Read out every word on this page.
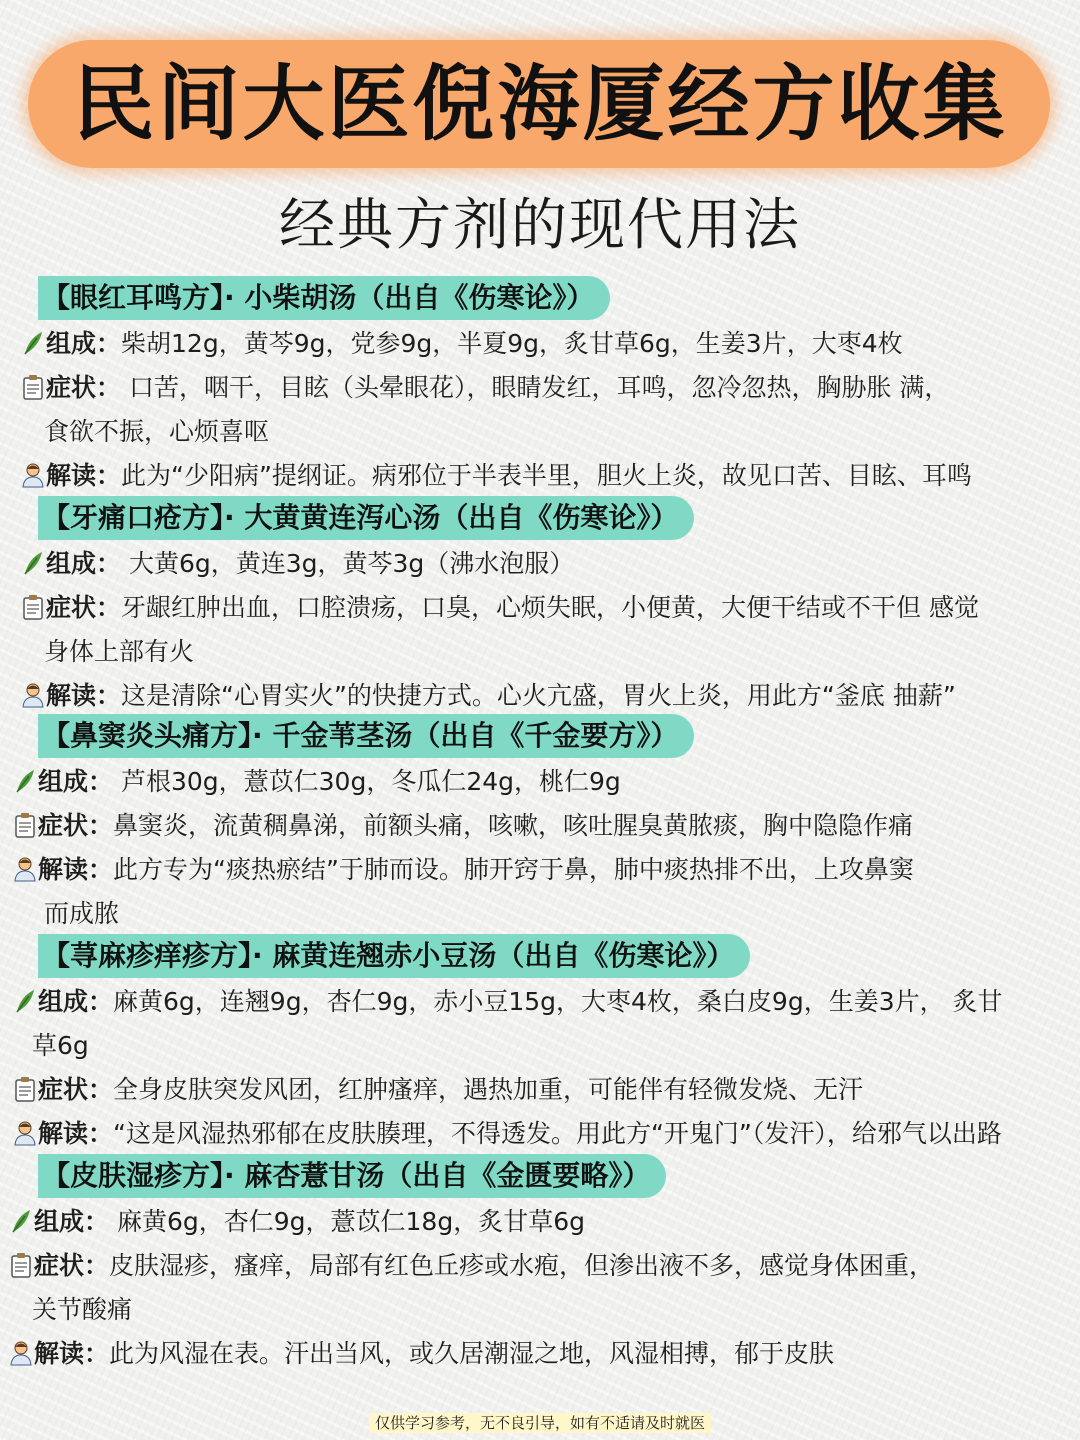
民间大医倪海厦经方收集
经典方剂的现代用法
【眼红耳鸣方】· 小柴胡汤（出自《伤寒论》）
组成：柴胡12g，黄芩9g，党参9g，半夏9g，炙甘草6g，生姜3片，大枣4枚
症状： 口苦，咽干，目眩（头晕眼花），眼睛发红，耳鸣，忽冷忽热，胸胁胀 满，
食欲不振，心烦喜呕
解读：此为“少阳病”提纲证。病邪位于半表半里，胆火上炎，故见口苦、目眩、耳鸣
【牙痛口疮方】· 大黄黄连泻心汤（出自《伤寒论》）
组成： 大黄6g，黄连3g，黄芩3g（沸水泡服）
症状：牙龈红肿出血，口腔溃疡，口臭，心烦失眠，小便黄，大便干结或不干但 感觉
身体上部有火
解读：这是清除“心胃实火”的快捷方式。心火亢盛，胃火上炎，用此方“釜底 抽薪”
【鼻窦炎头痛方】· 千金苇茎汤（出自《千金要方》）
组成： 芦根30g，薏苡仁30g，冬瓜仁24g，桃仁9g
症状：鼻窦炎，流黄稠鼻涕，前额头痛，咳嗽，咳吐腥臭黄脓痰，胸中隐隐作痛
解读：此方专为“痰热瘀结”于肺而设。肺开窍于鼻，肺中痰热排不出，上攻鼻窦
而成脓
【荨麻疹痒疹方】· 麻黄连翘赤小豆汤（出自《伤寒论》）
组成：麻黄6g，连翘9g，杏仁9g，赤小豆15g，大枣4枚，桑白皮9g，生姜3片， 炙甘
草6g
症状：全身皮肤突发风团，红肿瘙痒，遇热加重，可能伴有轻微发烧、无汗
解读：“这是风湿热邪郁在皮肤腠理，不得透发。用此方“开鬼门”（发汗），给邪气以出路
【皮肤湿疹方】· 麻杏薏甘汤（出自《金匮要略》）
组成： 麻黄6g，杏仁9g，薏苡仁18g，炙甘草6g
症状：皮肤湿疹，瘙痒，局部有红色丘疹或水疱，但渗出液不多，感觉身体困重，
关节酸痛
解读：此为风湿在表。汗出当风，或久居潮湿之地，风湿相搏，郁于皮肤
仅供学习参考，无不良引导，如有不适请及时就医
